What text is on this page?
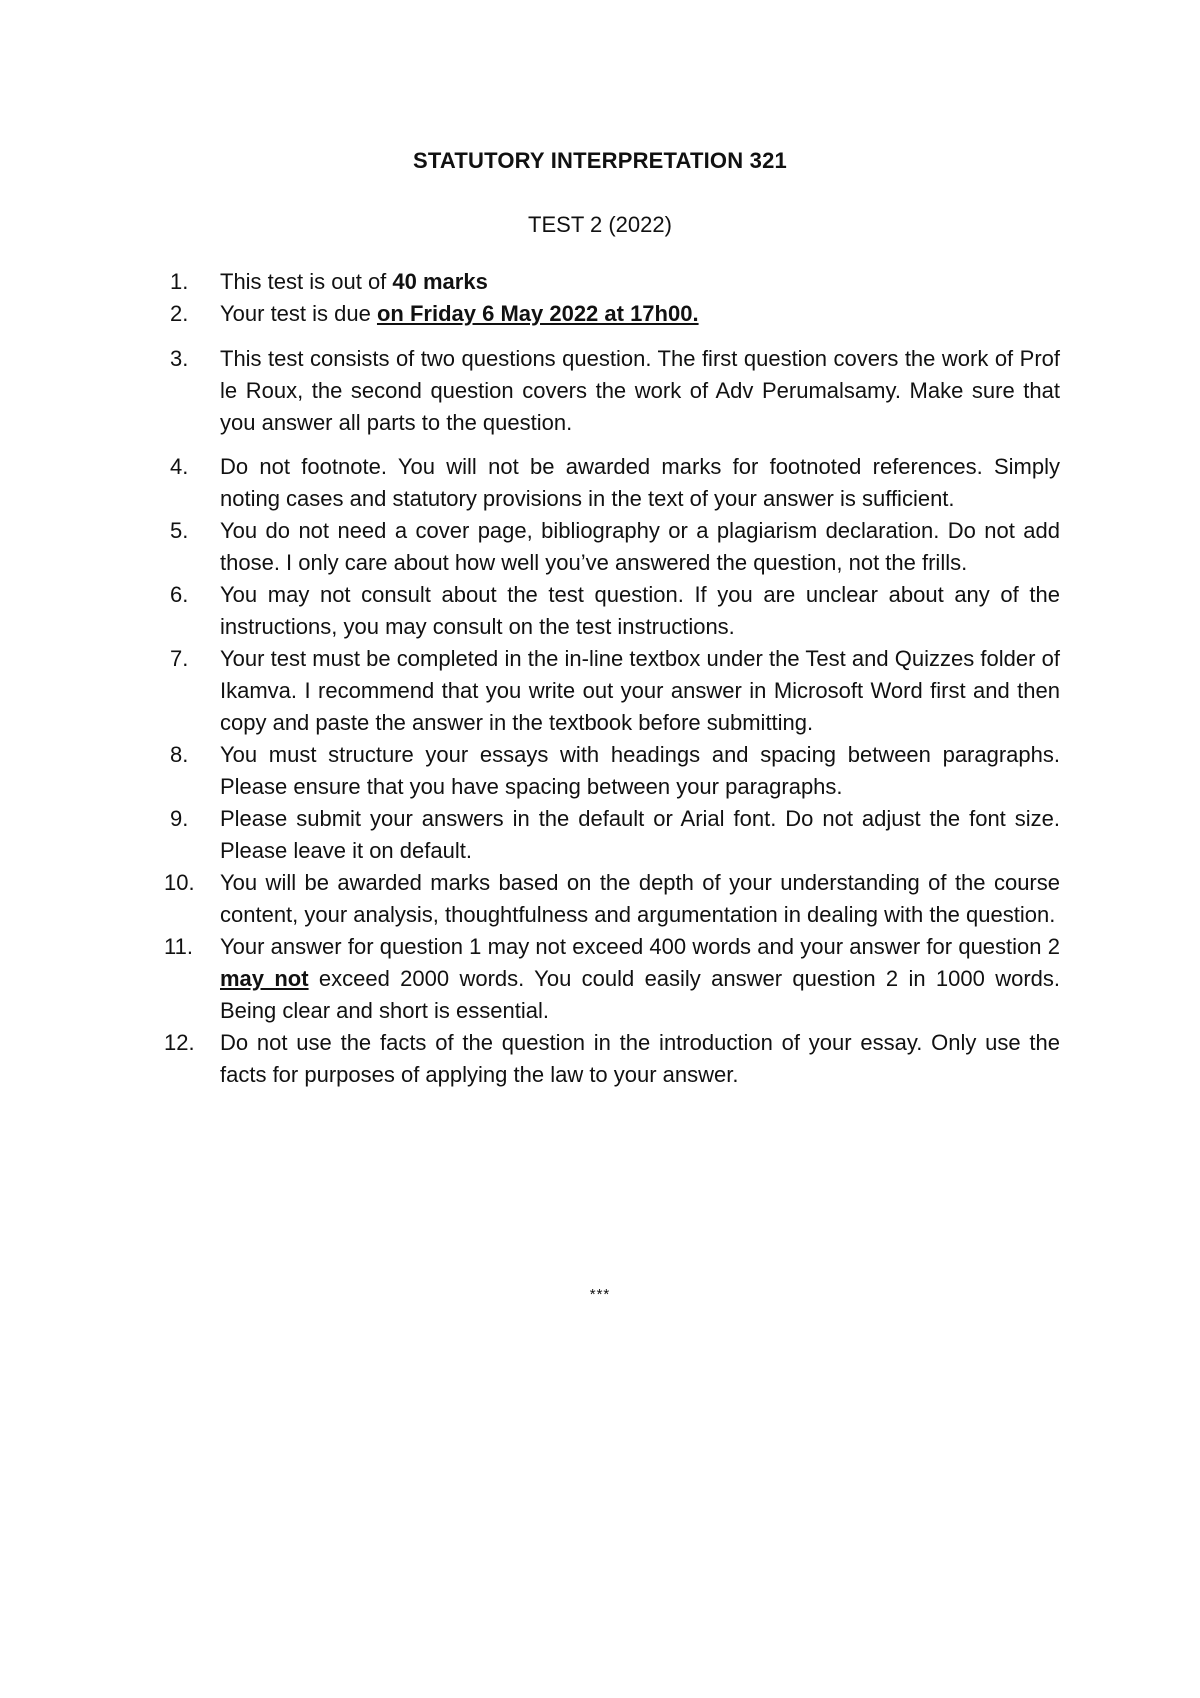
STATUTORY INTERPRETATION 321
TEST 2 (2022)
1.	This test is out of 40 marks
2.	Your test is due on Friday 6 May 2022 at 17h00.
3.	This test consists of two questions question. The first question covers the work of Prof le Roux, the second question covers the work of Adv Perumalsamy. Make sure that you answer all parts to the question.
4.	Do not footnote. You will not be awarded marks for footnoted references. Simply noting cases and statutory provisions in the text of your answer is sufficient.
5.	You do not need a cover page, bibliography or a plagiarism declaration. Do not add those. I only care about how well you’ve answered the question, not the frills.
6.	You may not consult about the test question. If you are unclear about any of the instructions, you may consult on the test instructions.
7.	Your test must be completed in the in-line textbox under the Test and Quizzes folder of Ikamva. I recommend that you write out your answer in Microsoft Word first and then copy and paste the answer in the textbook before submitting.
8.	You must structure your essays with headings and spacing between paragraphs. Please ensure that you have spacing between your paragraphs.
9.	Please submit your answers in the default or Arial font. Do not adjust the font size. Please leave it on default.
10.	You will be awarded marks based on the depth of your understanding of the course content, your analysis, thoughtfulness and argumentation in dealing with the question.
11.	Your answer for question 1 may not exceed 400 words and your answer for question 2 may not exceed 2000 words. You could easily answer question 2 in 1000 words. Being clear and short is essential.
12.	Do not use the facts of the question in the introduction of your essay. Only use the facts for purposes of applying the law to your answer.
***
